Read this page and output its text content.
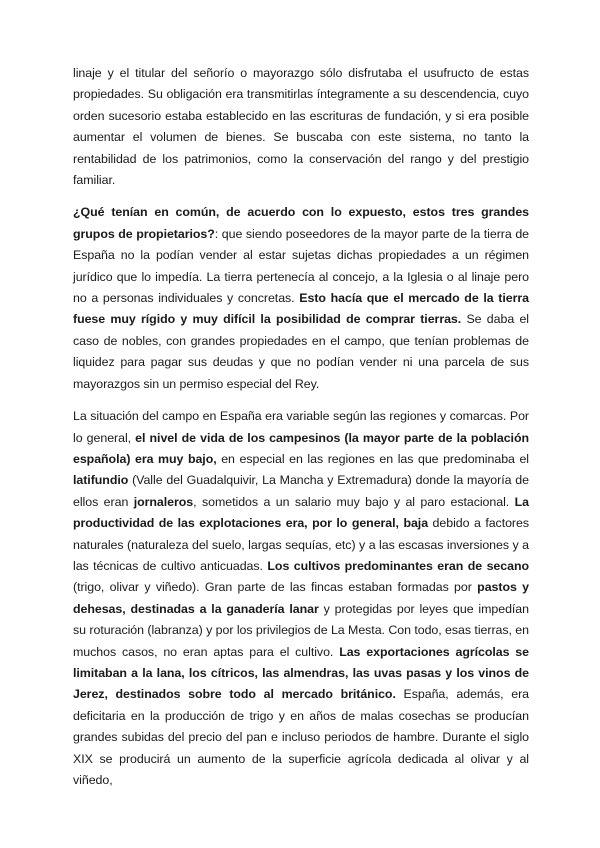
linaje y el titular del señorío o mayorazgo sólo disfrutaba el usufructo de estas propiedades. Su obligación era transmitirlas íntegramente a su descendencia, cuyo orden sucesorio estaba establecido en las escrituras de fundación, y si era posible aumentar el volumen de bienes. Se buscaba con este sistema, no tanto la rentabilidad de los patrimonios, como la conservación del rango y del prestigio familiar.

¿Qué tenían en común, de acuerdo con lo expuesto, estos tres grandes grupos de propietarios?: que siendo poseedores de la mayor parte de la tierra de España no la podían vender al estar sujetas dichas propiedades a un régimen jurídico que lo impedía. La tierra pertenecía al concejo, a la Iglesia o al linaje pero no a personas individuales y concretas. Esto hacía que el mercado de la tierra fuese muy rígido y muy difícil la posibilidad de comprar tierras. Se daba el caso de nobles, con grandes propiedades en el campo, que tenían problemas de liquidez para pagar sus deudas y que no podían vender ni una parcela de sus mayorazgos sin un permiso especial del Rey.

La situación del campo en España era variable según las regiones y comarcas. Por lo general, el nivel de vida de los campesinos (la mayor parte de la población española) era muy bajo, en especial en las regiones en las que predominaba el latifundio (Valle del Guadalquivir, La Mancha y Extremadura) donde la mayoría de ellos eran jornaleros, sometidos a un salario muy bajo y al paro estacional. La productividad de las explotaciones era, por lo general, baja debido a factores naturales (naturaleza del suelo, largas sequías, etc) y a las escasas inversiones y a las técnicas de cultivo anticuadas. Los cultivos predominantes eran de secano (trigo, olivar y viñedo). Gran parte de las fincas estaban formadas por pastos y dehesas, destinadas a la ganadería lanar y protegidas por leyes que impedían su roturación (labranza) y por los privilegios de La Mesta. Con todo, esas tierras, en muchos casos, no eran aptas para el cultivo. Las exportaciones agrícolas se limitaban a la lana, los cítricos, las almendras, las uvas pasas y los vinos de Jerez, destinados sobre todo al mercado británico. España, además, era deficitaria en la producción de trigo y en años de malas cosechas se producían grandes subidas del precio del pan e incluso periodos de hambre. Durante el siglo XIX se producirá un aumento de la superficie agrícola dedicada al olivar y al viñedo,
